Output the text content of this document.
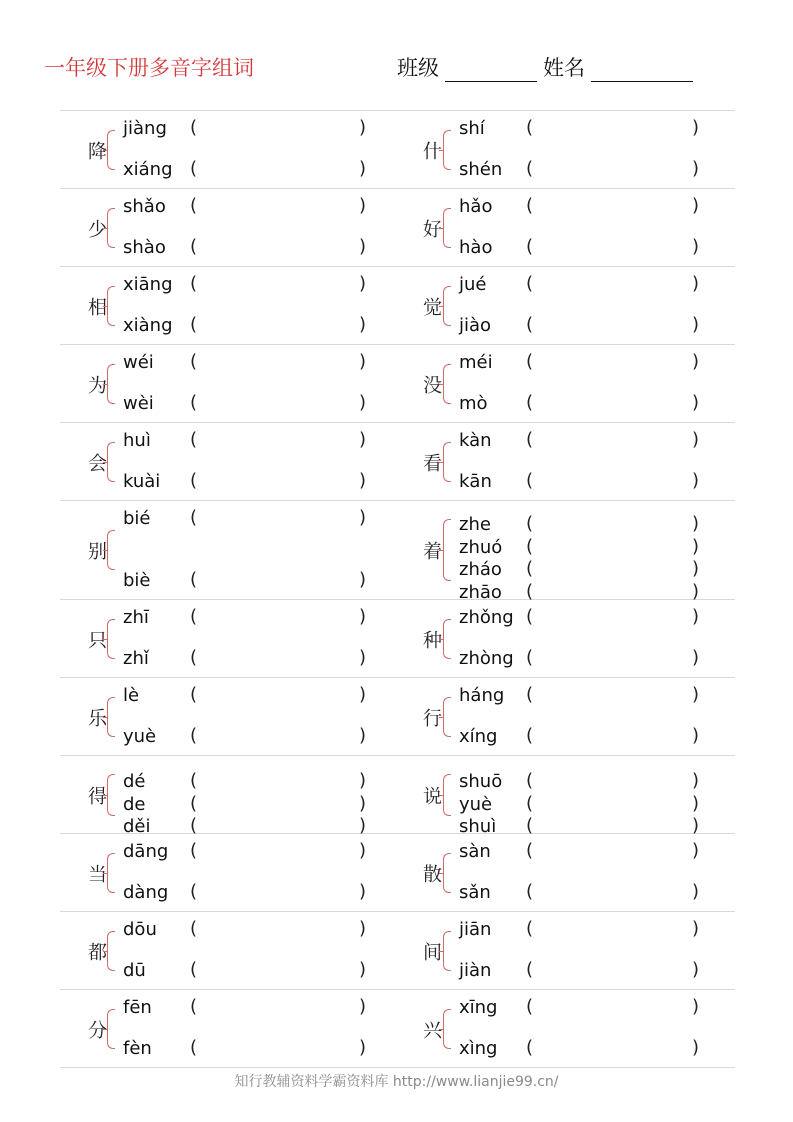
一年级下册多音字组词	班级	姓名
降
jiàng (	)
xiáng (	)
什
shí (	)
shén (	)
少
shǎo (	)
shào (	)
好
hǎo (	)
hào (	)
相
xiāng (	)
xiàng (	)
觉
jué (	)
jiào (	)
为
wéi (	)
wèi (	)
没
méi (	)
mò (	)
会
huì (	)
kuài (	)
看
kàn (	)
kān (	)
别
bié (	)
biè (	)
着
zhe (	)
zhuó (	)
zháo (	)
zhāo (	)
只
zhī (	)
zhǐ (	)
种
zhǒng (	)
zhòng (	)
乐
lè	(	)
yuè (	)
行
háng (	)
xíng (	)
得
dé (	)
de (	)
děi (	)
说
shuō (	)
yuè (	)
shuì (	)
当
dāng (	)
dàng (	)
散
sàn (	)
sǎn (	)
都
dōu (	)
dū (	)
间
jiān (	)
jiàn (	)
分
fēn (	)
fèn (	)
兴
xīng (	)
xìng (	)
知行教辅资料学霸资料库 http://www.lianjie99.cn/
